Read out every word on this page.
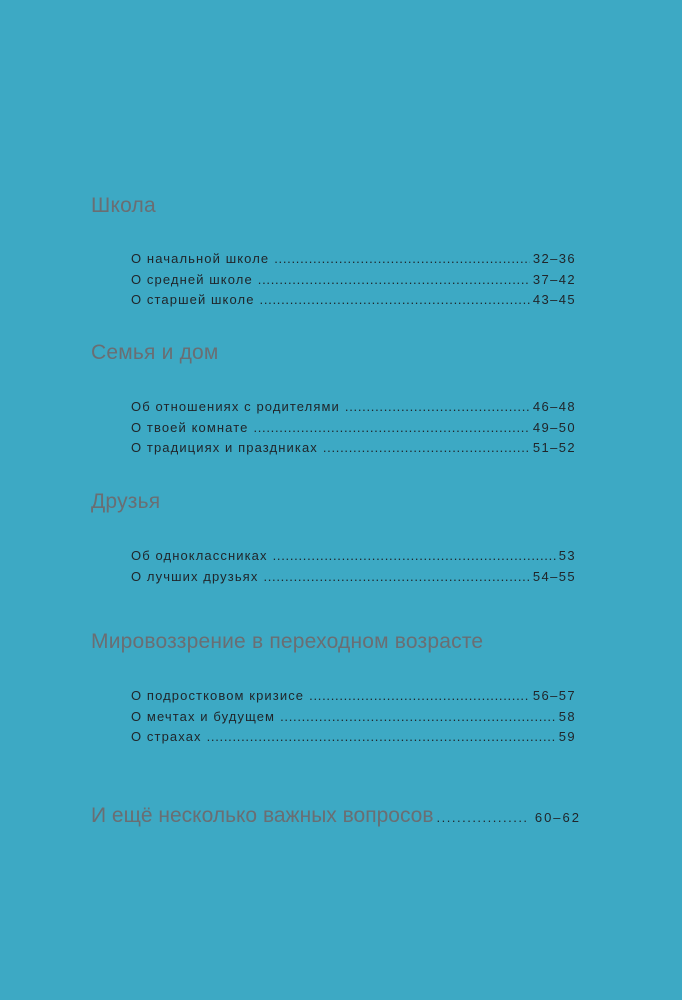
Школа
О начальной школе .....	32–36
О средней школе .....	37–42
О старшей школе .....	43–45
Семья и дом
Об отношениях с родителями .....	46–48
О твоей комнате .....	49–50
О традициях и праздниках .....	51–52
Друзья
Об одноклассниках .....	53
О лучших друзьях .....	54–55
Мировоззрение в переходном возрасте
О подростковом кризисе .....	56–57
О мечтах и будущем .....	58
О страхах .....	59
И ещё несколько важных вопросов .....	60–62
